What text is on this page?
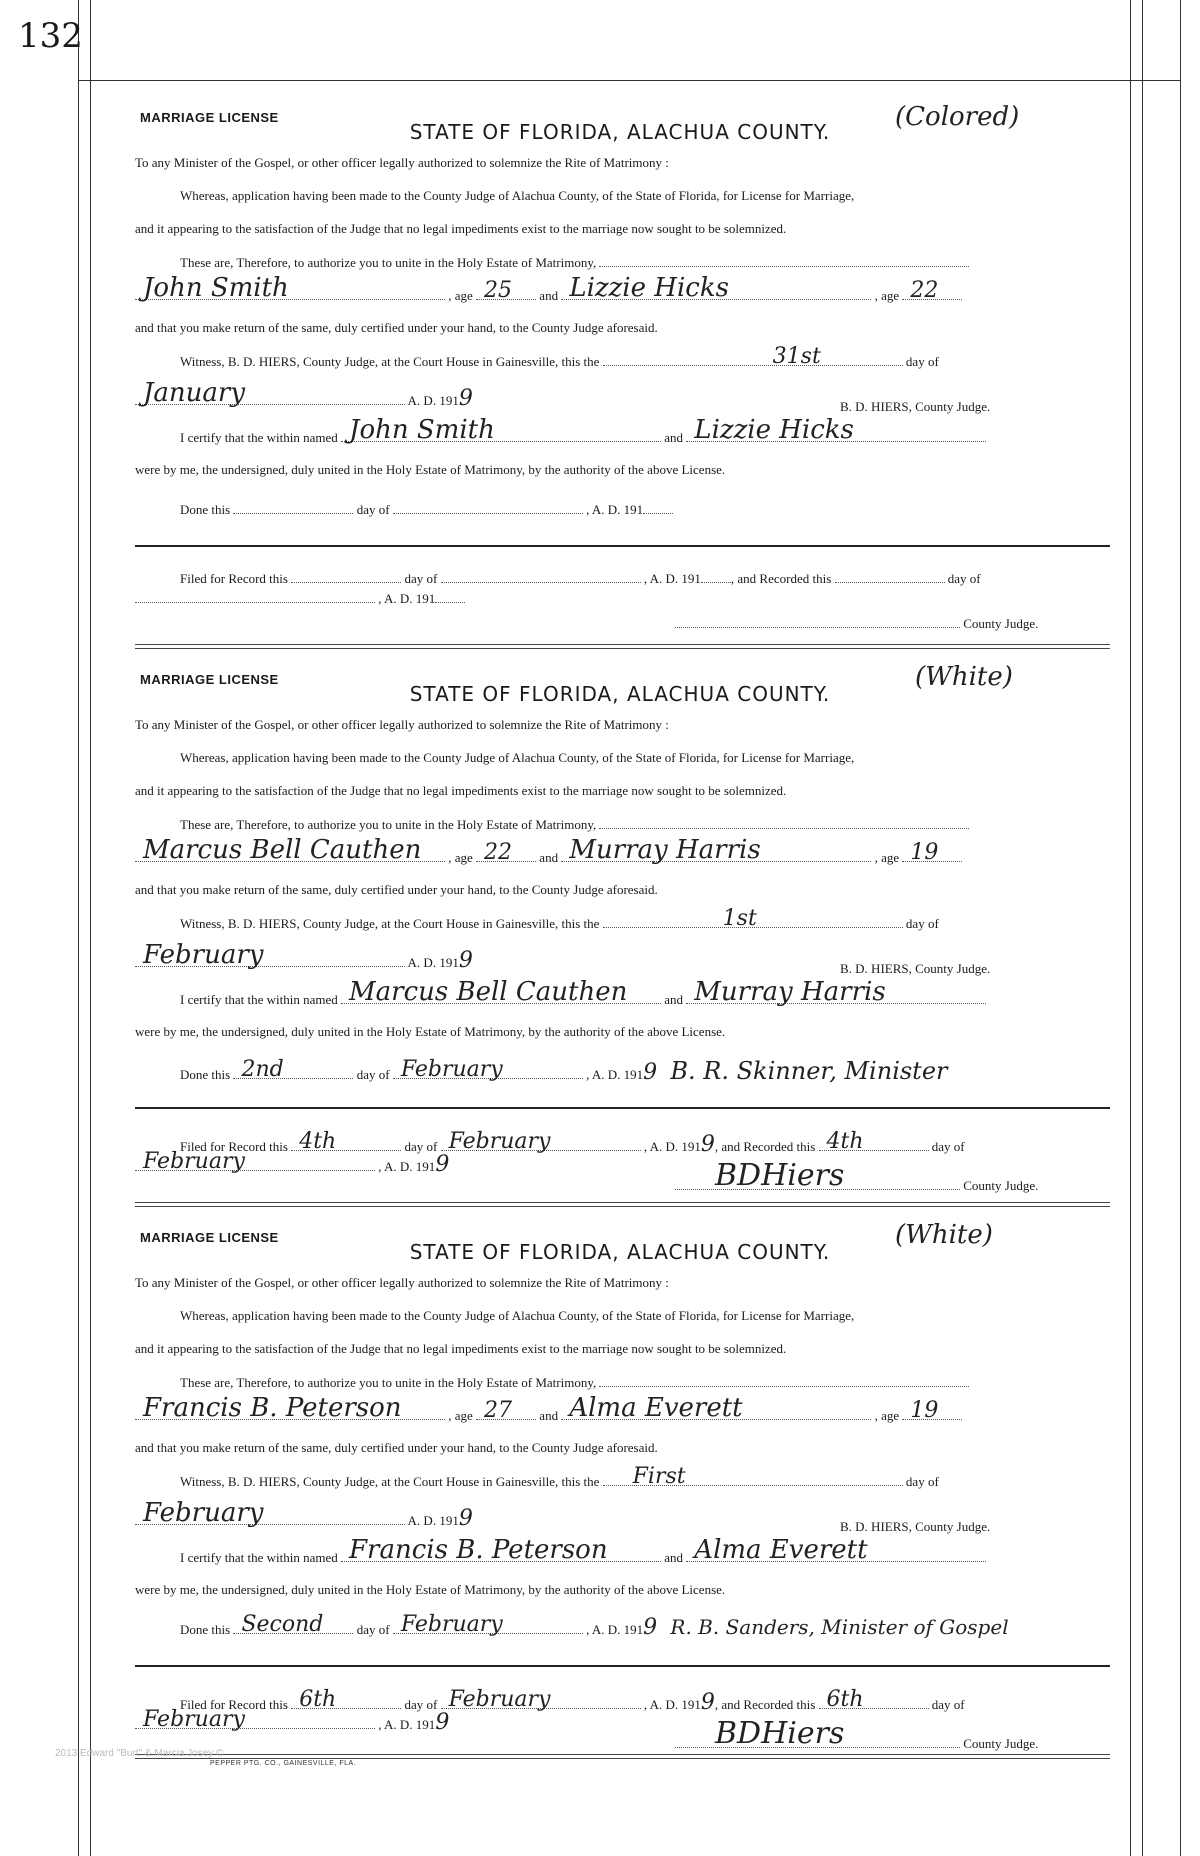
132
MARRIAGE LICENSE
STATE OF FLORIDA, ALACHUA COUNTY.	(Colored)
To any Minister of the Gospel, or other officer legally authorized to solemnize the Rite of Matrimony :
Whereas, application having been made to the County Judge of Alachua County, of the State of Florida, for License for Marriage,
and it appearing to the satisfaction of the Judge that no legal impediments exist to the marriage now sought to be solemnized.
These are, Therefore, to authorize you to unite in the Holy Estate of Matrimony,
John Smith	, age 25 and Lizzie Hicks	, age 22
and that you make return of the same, duly certified under your hand, to the County Judge aforesaid.
Witness, B. D. HIERS, County Judge, at the Court House in Gainesville, this the	31st	day of
January	A. D. 1919	B. D. HIERS, County Judge.
I certify that the within named John Smith	and Lizzie Hicks
were by me, the undersigned, duly united in the Holy Estate of Matrimony, by the authority of the above License.
Done this	day of	, A. D. 191
Filed for Record this	day of	, A. D. 191 , and Recorded this	day of
, A. D. 191
County Judge.
MARRIAGE LICENSE
STATE OF FLORIDA, ALACHUA COUNTY.
(White)
To any Minister of the Gospel, or other officer legally authorized to solemnize the Rite of Matrimony :
Whereas, application having been made to the County Judge of Alachua County, of the State of Florida, for License for Marriage,
and it appearing to the satisfaction of the Judge that no legal impediments exist to the marriage now sought to be solemnized.
These are, Therefore, to authorize you to unite in the Holy Estate of Matrimony,
Marcus Bell Cauthen , age 22 and Murray Harris	, age 19
and that you make return of the same, duly certified under your hand, to the County Judge aforesaid.
Witness, B. D. HIERS, County Judge, at the Court House in Gainesville, this the	1st	day of
February	A. D. 1919	B. D. HIERS, County Judge.
I certify that the within named Marcus Bell Cauthen	and Murray Harris
were by me, the undersigned, duly united in the Holy Estate of Matrimony, by the authority of the above License.
Done this 2nd	day of February	, A. D. 1919 B. R. Skinner, Minister
Filed for Record this 4th	day of February	, A. D. 1919, and Recorded this 4th	day of
February	, A. D. 1919	BDHiers	County Judge.
MARRIAGE LICENSE
STATE OF FLORIDA, ALACHUA COUNTY.
(White)
To any Minister of the Gospel, or other officer legally authorized to solemnize the Rite of Matrimony :
Whereas, application having been made to the County Judge of Alachua County, of the State of Florida, for License for Marriage,
and it appearing to the satisfaction of the Judge that no legal impediments exist to the marriage now sought to be solemnized.
These are, Therefore, to authorize you to unite in the Holy Estate of Matrimony,
Francis B. Peterson	, age 27 and Alma Everett	, age 19
and that you make return of the same, duly certified under your hand, to the County Judge aforesaid.
Witness, B. D. HIERS, County Judge, at the Court House in Gainesville, this the First	day of
February	A. D. 1919	B. D. HIERS, County Judge.
I certify that the within named Francis B. Peterson	and Alma Everett
were by me, the undersigned, duly united in the Holy Estate of Matrimony, by the authority of the above License.
Done this Second	day of February	, A. D. 1919 R. B. Sanders, Minister of Gospel
Filed for Record this 6th	day of February	, A. D. 1919, and Recorded this 6th	day of
February	, A. D. 1919	BDHiers	County Judge.
2013 Edward "Burt" & Marcia Josey ©
PEPPER PTG. CO., GAINESVILLE, FLA.
